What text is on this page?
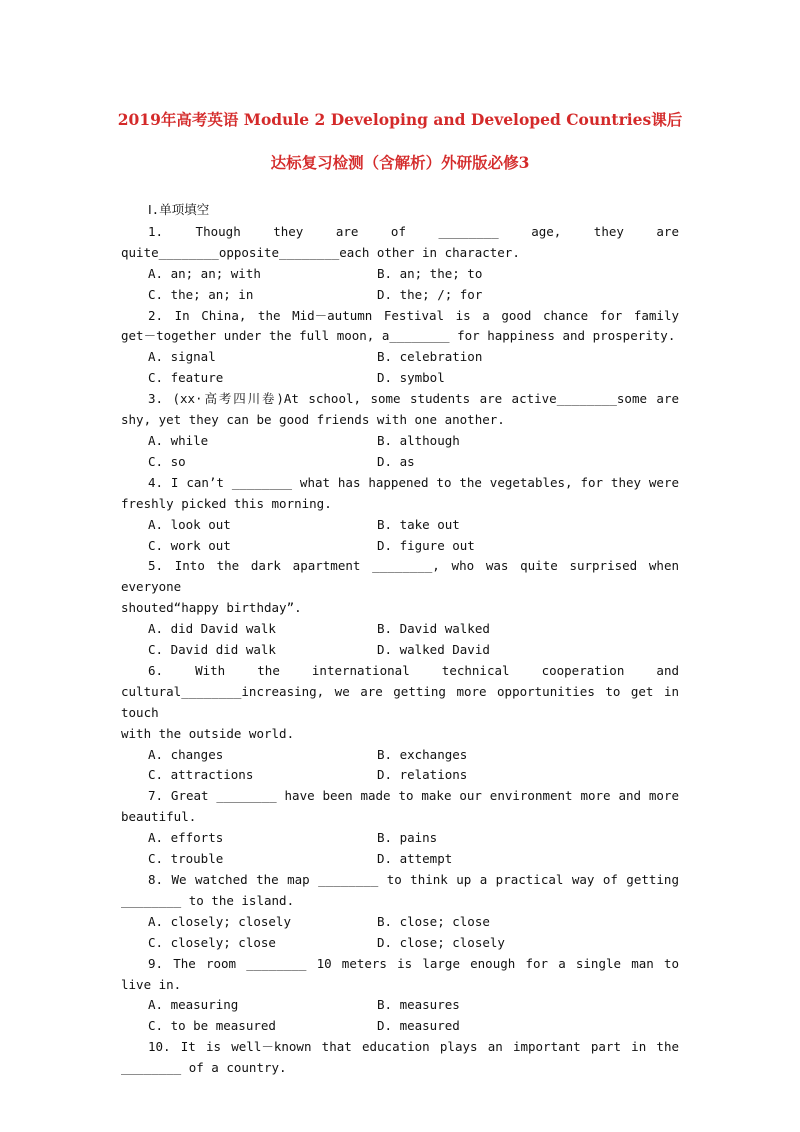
2019年高考英语 Module 2 Developing and Developed Countries课后
达标复习检测（含解析）外研版必修3
Ⅰ.单项填空
1. Though they are of ________ age, they are
quite________opposite________each other in character.
A. an; an; with	B. an; the; to
C. the; an; in	D. the; /; for
2. In China, the Mid－autumn Festival is a good chance for family
get－together under the full moon, a________ for happiness and prosperity.
A. signal	B. celebration
C. feature	D. symbol
3. (xx·高考四川卷)At school, some students are active________some are
shy, yet they can be good friends with one another.
A. while	B. although
C. so	D. as
4. I can’t ________ what has happened to the vegetables, for they were
freshly picked this morning.
A. look out	B. take out
C. work out	D. figure out
5. Into the dark apartment ________, who was quite surprised when everyone
shouted“happy birthday”.
A. did David walk	B. David walked
C. David did walk	D. walked David
6. With the international technical cooperation and
cultural________increasing, we are getting more opportunities to get in touch
with the outside world.
A. changes	B. exchanges
C. attractions	D. relations
7. Great ________ have been made to make our environment more and more
beautiful.
A. efforts	B. pains
C. trouble	D. attempt
8. We watched the map ________ to think up a practical way of getting
________ to the island.
A. closely; closely	B. close; close
C. closely; close	D. close; closely
9. The room ________ 10 meters is large enough for a single man to live in.
A. measuring	B. measures
C. to be measured	D. measured
10. It is well－known that education plays an important part in the
________ of a country.
